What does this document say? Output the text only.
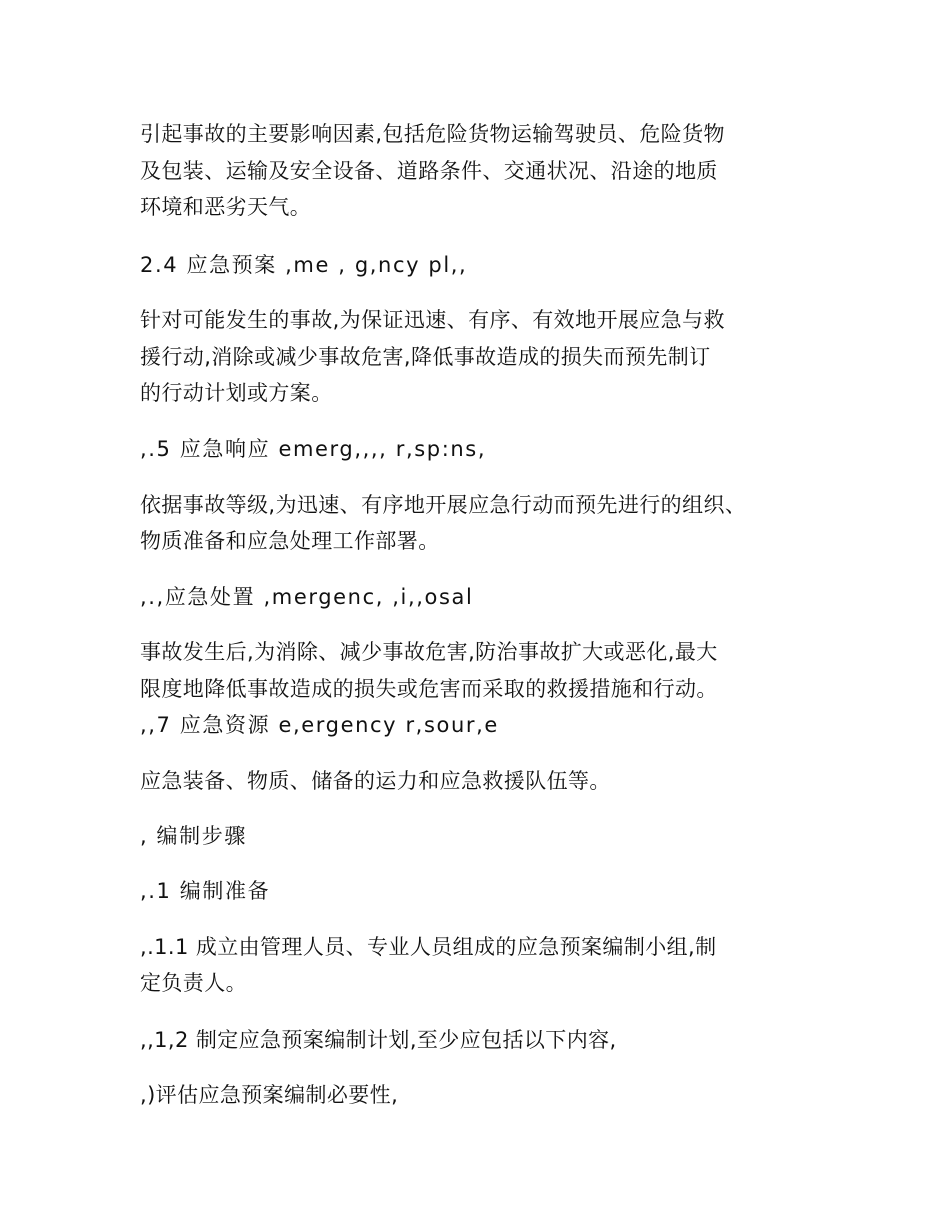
引起事故的主要影响因素,包括危险货物运输驾驶员、危险货物

及包装、运输及安全设备、道路条件、交通状况、沿途的地质

环境和恶劣天气。

2.4 应急预案 ,me , g,ncy pl,,

针对可能发生的事故,为保证迅速、有序、有效地开展应急与救

援行动,消除或减少事故危害,降低事故造成的损失而预先制订

的行动计划或方案。

,.5 应急响应 emerg,,,, r,sp:ns,

依据事故等级,为迅速、有序地开展应急行动而预先进行的组织、

物质准备和应急处理工作部署。

,.,应急处置 ,mergenc, ,i,,osal

事故发生后,为消除、减少事故危害,防治事故扩大或恶化,最大

限度地降低事故造成的损失或危害而采取的救援措施和行动。

,,7 应急资源 e,ergency r,sour,e

应急装备、物质、储备的运力和应急救援队伍等。

, 编制步骤

,.1 编制准备

,.1.1 成立由管理人员、专业人员组成的应急预案编制小组,制

定负责人。

,,1,2 制定应急预案编制计划,至少应包括以下内容,

,)评估应急预案编制必要性,
